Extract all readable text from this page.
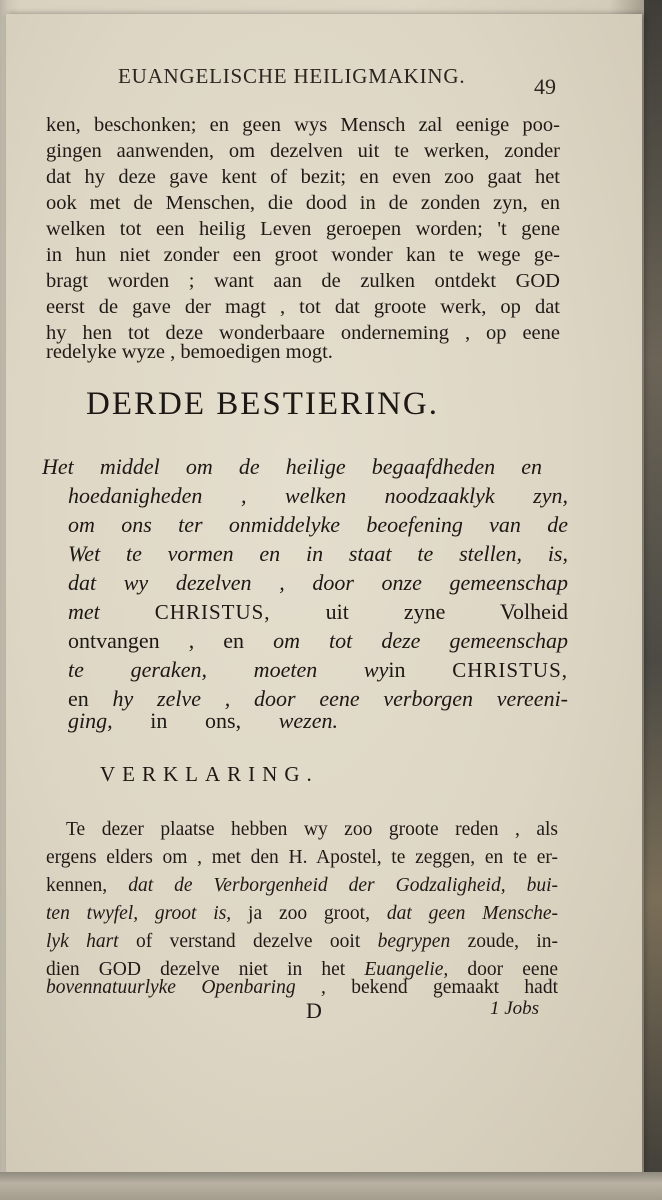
EUANGELISCHE HEILIGMAKING.	49
ken, beschonken; en geen wys Mensch zal eenige poo-
gingen aanwenden, om dezelven uit te werken, zonder
dat hy deze gave kent of bezit; en even zoo gaat het
ook met de Menschen, die dood in de zonden zyn, en
welken tot een heilig Leven geroepen worden; 't gene
in hun niet zonder een groot wonder kan te wege ge-
bragt worden ; want aan de zulken ontdekt GOD
eerst de gave der magt , tot dat groote werk, op dat
hy hen tot deze wonderbaare onderneming , op eene
redelyke wyze , bemoedigen mogt.
DERDE BESTIERING.
Het middel om de heilige begaafdheden en
hoedanigheden , welken noodzaaklyk zyn,
om ons ter onmiddelyke beoefening van de
Wet te vormen en in staat te stellen, is,
dat wy dezelven , door onze gemeenschap
met	CHRISTUS,	uit zyne Volheid
ontvangen , en om tot deze gemeenschap
te geraken, moeten wyin CHRISTUS,
en hy zelve , door eene verborgen vereeni-
ging, in ons, wezen.
VERKLARING.
Te dezer plaatse hebben wy zoo groote reden , als
ergens elders om , met den H. Apostel, te zeggen, en te er-
kennen, dat de Verborgenheid der Godzaligheid, bui-
ten twyfel, groot is, ja zoo groot, dat geen Mensche-
lyk hart of verstand dezelve ooit begrypen zoude, in-
dien GOD dezelve niet in het Euangelie, door eene
bovennatuurlyke Openbaring , bekend gemaakt hadt
D	1 Jobs
